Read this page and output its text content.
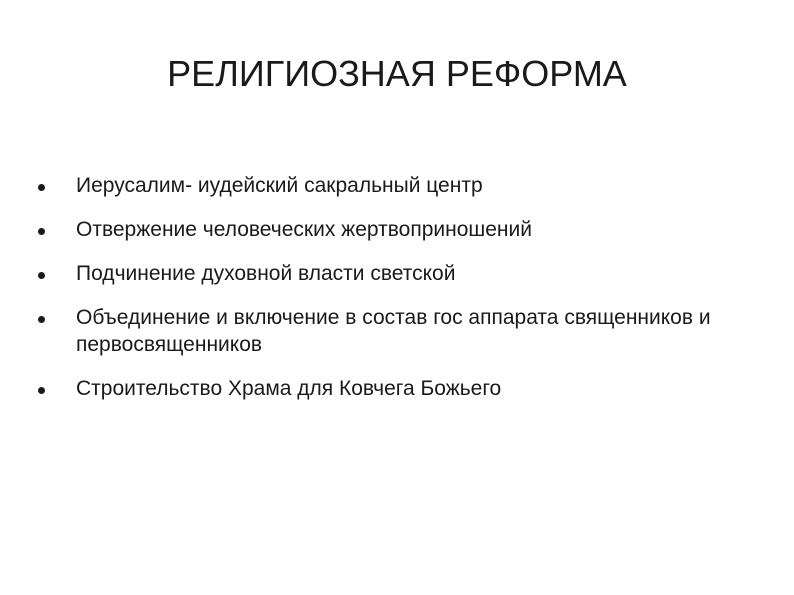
РЕЛИГИОЗНАЯ РЕФОРМА
Иерусалим- иудейский сакральный центр
Отвержение человеческих жертвоприношений
Подчинение духовной власти светской
Объединение и включение в состав гос аппарата священников и первосвященников
Строительство Храма для Ковчега Божьего
